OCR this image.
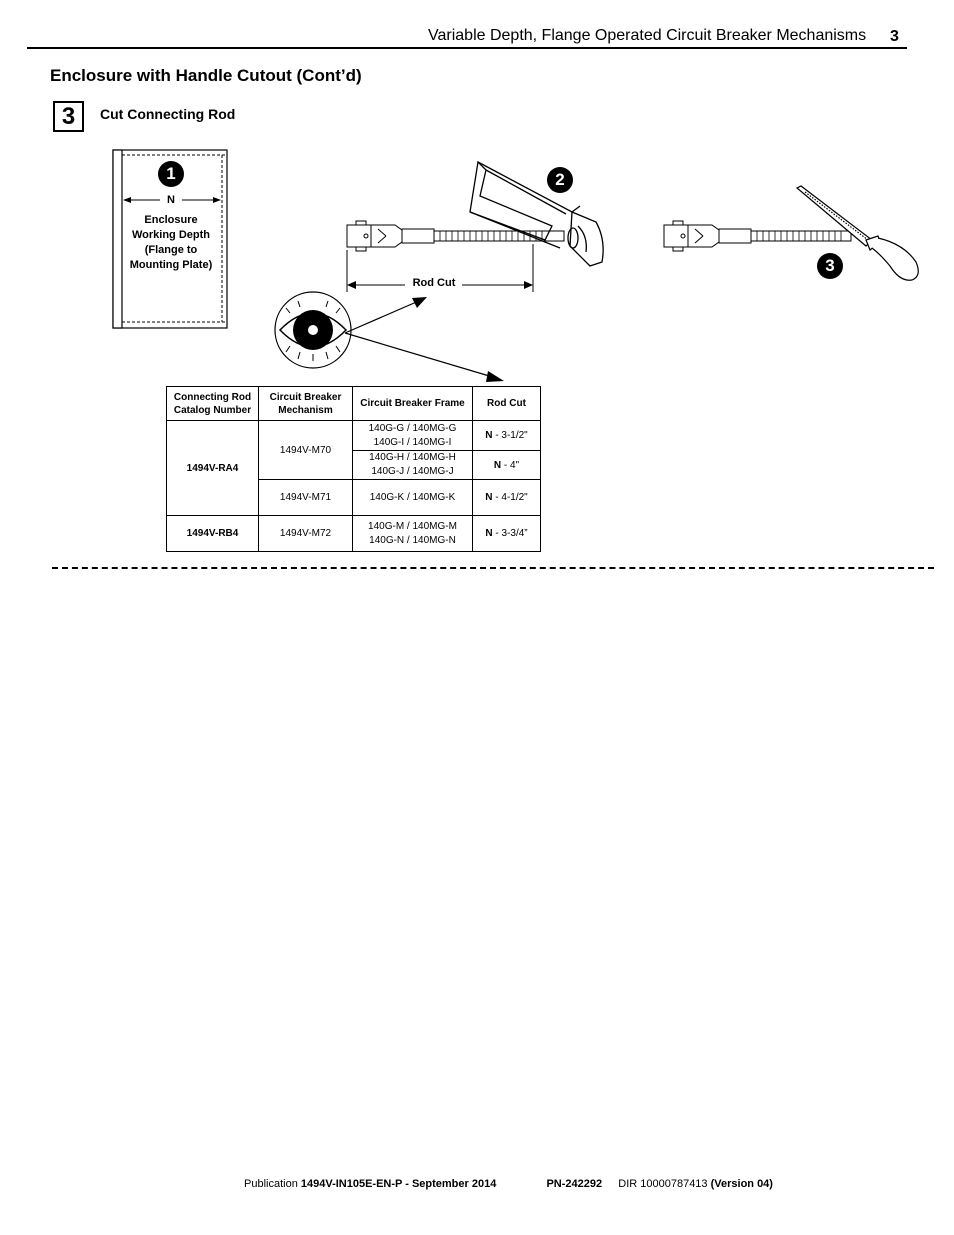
Variable Depth, Flange Operated Circuit Breaker Mechanisms 3
Enclosure with Handle Cutout (Cont’d)
3	Cut Connecting Rod
1	2
3
N
Enclosure
Working Depth
(Flange to
Mounting Plate)
Rod Cut
Connecting Rod Catalog Number	Circuit Breaker Mechanism	Circuit Breaker Frame	Rod Cut
1494V-RA4	1494V-M70	140G-G / 140MG-G
140G-I / 140MG-I	N - 3-1/2"

		140G-H / 140MG-H
140G-J / 140MG-J	N - 4"
	1494V-M71	140G-K / 140MG-K	N - 4-1/2"
1494V-RB4	1494V-M72	140G-M / 140MG-M
140G-N / 140MG-N	N - 3-3/4”
Publication 1494V-IN105E-EN-P - September 2014	PN-242292 DIR 10000787413 (Version 04)
